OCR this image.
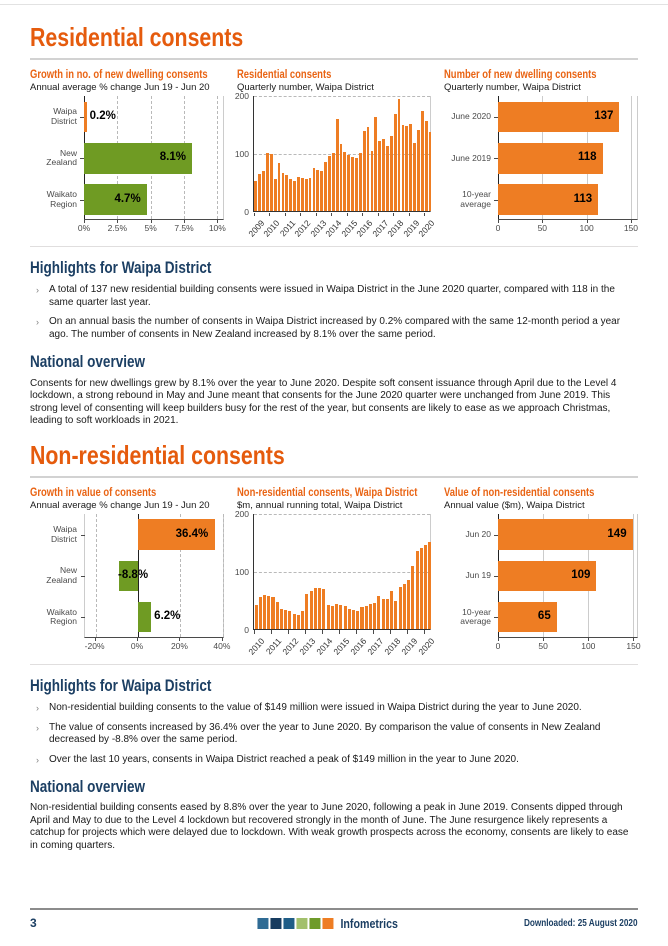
Residential consents
Growth in no. of new dwelling consents
Annual average % change Jun 19 - Jun 20
Waipa District
New Zealand
Waikato Region
0.2%
8.1%
4.7%
0% 2.5% 5% 7.5% 10%
Residential consents
Quarterly number, Waipa District
0
100
200
2009
2010
2011
2012
2013
2014
2015
2016
2017
2018
2019
2020
Number of new dwelling consents
Quarterly number, Waipa District
June 2020
June 2019
10-year average
137
118
113
0	50	100	150
Highlights for Waipa District
› A total of 137 new residential building consents were issued in Waipa District in the June 2020 quarter, compared with 118 in the same quarter last year.
› On an annual basis the number of consents in Waipa District increased by 0.2% compared with the same 12-month period a year ago. The number of consents in New Zealand increased by 8.1% over the same period.
National overview

Consents for new dwellings grew by 8.1% over the year to June 2020. Despite soft consent issuance through April due to the Level 4 lockdown, a strong rebound in May and June meant that consents for the June 2020 quarter were unchanged from June 2019. This strong level of consenting will keep builders busy for the rest of the year, but consents are likely to ease as we approach Christmas, leading to soft workloads in 2021.

Non-residential consents
Growth in value of consents
Annual average % change Jun 19 - Jun 20
Waipa District
New Zealand
Waikato Region
36.4%
-8.8%
6.2%
-20%	0%	20%	40%
Non-residential consents, Waipa District
$m, annual running total, Waipa District
0
100
200
2010
2011
2012
2013
2014
2015
2016
2017
2018
2019
2020
Value of non-residential consents
Annual value ($m), Waipa District
Jun 20
Jun 19
10-year average
149
109
65
0	50	100	150
Highlights for Waipa District
› Non-residential building consents to the value of $149 million were issued in Waipa District during the year to June 2020.
› The value of consents increased by 36.4% over the year to June 2020. By comparison the value of consents in New Zealand decreased by -8.8% over the same period.
› Over the last 10 years, consents in Waipa District reached a peak of $149 million in the year to June 2020.
National overview

Non-residential building consents eased by 8.8% over the year to June 2020, following a peak in June 2019. Consents dipped through April and May to due to the Level 4 lockdown but recovered strongly in the month of June. The June resurgence likely represents a catchup for projects which were delayed due to lockdown. With weak growth prospects across the economy, consents are likely to ease in coming quarters.

3	Infometrics	Downloaded: 25 August 2020
